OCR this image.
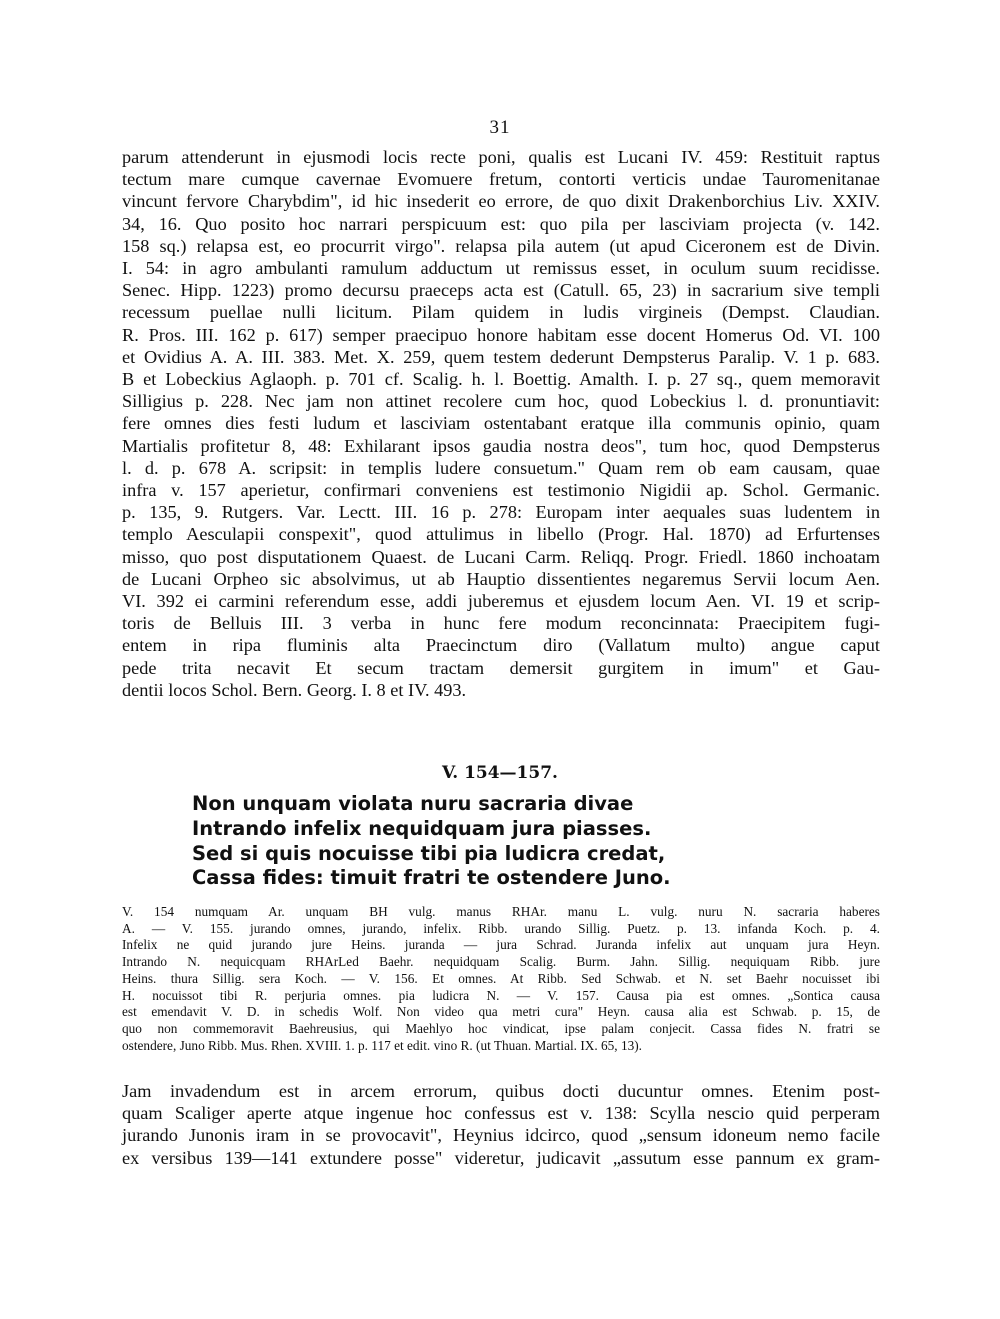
31
parum attenderunt in ejusmodi locis recte poni, qualis est Lucani IV. 459: Restituit raptus
tectum mare cumque cavernae Evomuere fretum, contorti verticis undae Tauromenitanae
vincunt fervore Charybdim", id hic insederit eo errore, de quo dixit Drakenborchius Liv. XXIV.
34, 16. Quo posito hoc narrari perspicuum est: quo pila per lasciviam projecta (v. 142.
158 sq.) relapsa est, eo procurrit virgo". relapsa pila autem (ut apud Ciceronem est de Divin.
I. 54: in agro ambulanti ramulum adductum ut remissus esset, in oculum suum recidisse.
Senec. Hipp. 1223) promo decursu praeceps acta est (Catull. 65, 23) in sacrarium sive templi
recessum puellae nulli licitum. Pilam quidem in ludis virgineis (Dempst. Claudian.
R. Pros. III. 162 p. 617) semper praecipuo honore habitam esse docent Homerus Od. VI. 100
et Ovidius A. A. III. 383. Met. X. 259, quem testem dederunt Dempsterus Paralip. V. 1 p. 683.
B et Lobeckius Aglaoph. p. 701 cf. Scalig. h. l. Boettig. Amalth. I. p. 27 sq., quem memoravit
Silligius p. 228. Nec jam non attinet recolere cum hoc, quod Lobeckius l. d. pronuntiavit:
fere omnes dies festi ludum et lasciviam ostentabant eratque illa communis opinio, quam
Martialis profitetur 8, 48: Exhilarant ipsos gaudia nostra deos", tum hoc, quod Dempsterus
l. d. p. 678 A. scripsit: in templis ludere consuetum." Quam rem ob eam causam, quae
infra v. 157 aperietur, confirmari conveniens est testimonio Nigidii ap. Schol. Germanic.
p. 135, 9. Rutgers. Var. Lectt. III. 16 p. 278: Europam inter aequales suas ludentem in
templo Aesculapii conspexit", quod attulimus in libello (Progr. Hal. 1870) ad Erfurtenses
misso, quo post disputationem Quaest. de Lucani Carm. Reliqq. Progr. Friedl. 1860 inchoatam
de Lucani Orpheo sic absolvimus, ut ab Hauptio dissentientes negaremus Servii locum Aen.
VI. 392 ei carmini referendum esse, addi juberemus et ejusdem locum Aen. VI. 19 et scrip-
toris de Belluis III. 3 verba in hunc fere modum reconcinnata: Praecipitem fugi-
entem in ripa fluminis alta Praecinctum diro (Vallatum multo) angue caput
pede trita necavit Et secum tractam demersit gurgitem in imum" et Gau-
dentii locos Schol. Bern. Georg. I. 8 et IV. 493.
V. 154—157.
Non unquam violata nuru sacraria divae
Intrando infelix nequidquam jura piasses.
Sed si quis nocuisse tibi pia ludicra credat,
Cassa fides: timuit fratri te ostendere Juno.
V. 154 numquam Ar. unquam BH vulg. manus RHAr. manu L. vulg. nuru N. sacraria haberes
A. — V. 155. jurando omnes, jurando, infelix. Ribb. urando Sillig. Puetz. p. 13. infanda Koch. p. 4.
Infelix ne quid jurando jure Heins. juranda — jura Schrad. Juranda infelix aut unquam jura Heyn.
Intrando N. nequicquam RHArLed Baehr. nequidquam Scalig. Burm. Jahn. Sillig. nequiquam Ribb. jure
Heins. thura Sillig. sera Koch. — V. 156. Et omnes. At Ribb. Sed Schwab. et N. set Baehr nocuisset ibi
H. nocuissot tibi R. perjuria omnes. pia ludicra N. — V. 157. Causa pia est omnes. „Sontica causa
est emendavit V. D. in schedis Wolf. Non video qua metri cura" Heyn. causa alia est Schwab. p. 15, de
quo non commemoravit Baehreusius, qui Maehlyo hoc vindicat, ipse palam conjecit. Cassa fides N. fratri se
ostendere, Juno Ribb. Mus. Rhen. XVIII. 1. p. 117 et edit. vino R. (ut Thuan. Martial. IX. 65, 13).
Jam invadendum est in arcem errorum, quibus docti ducuntur omnes. Etenim post-
quam Scaliger aperte atque ingenue hoc confessus est v. 138: Scylla nescio quid perperam
jurando Junonis iram in se provocavit", Heynius idcirco, quod „sensum idoneum nemo facile
ex versibus 139—141 extundere posse" videretur, judicavit „assutum esse pannum ex gram-
